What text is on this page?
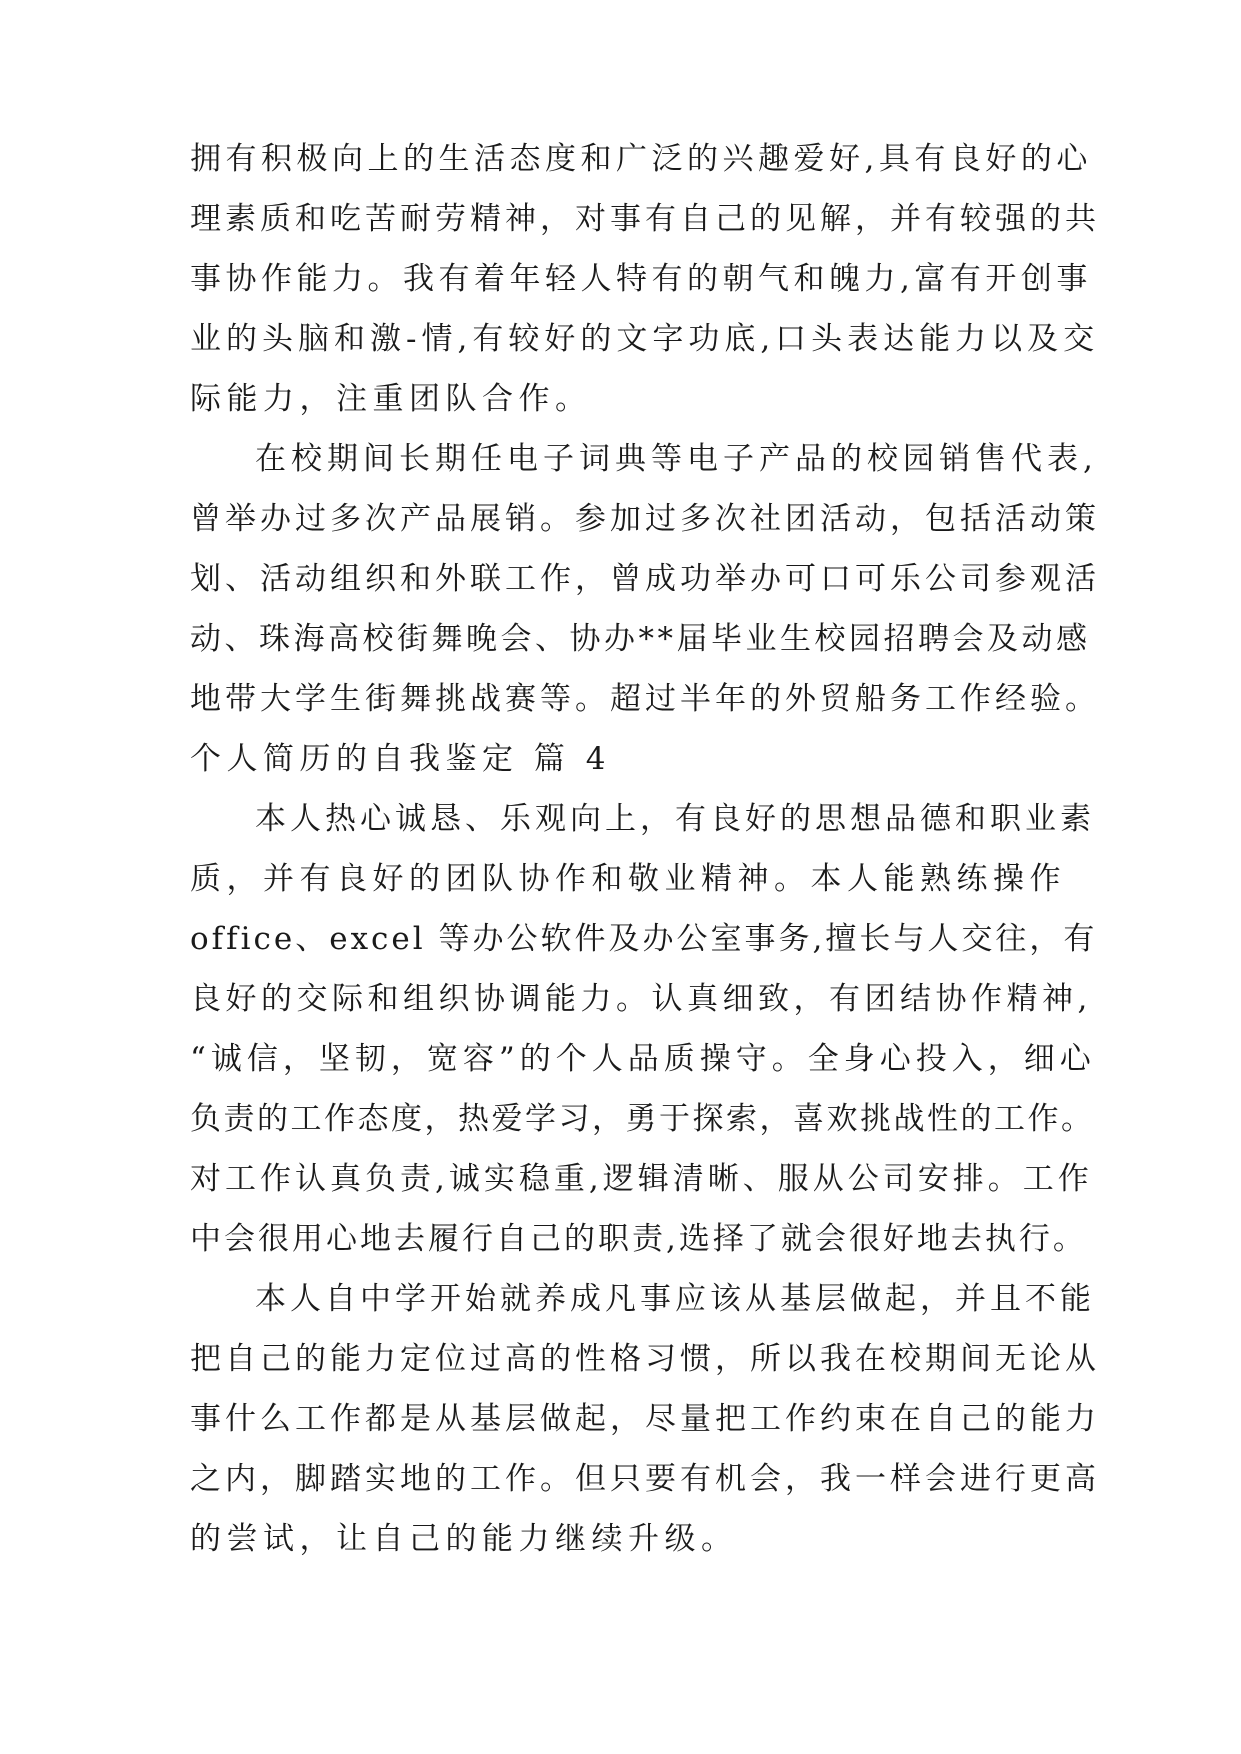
拥有积极向上的生活态度和广泛的兴趣爱好,具有良好的心
理素质和吃苦耐劳精神，对事有自己的见解，并有较强的共
事协作能力。我有着年轻人特有的朝气和魄力,富有开创事
业的头脑和激-情,有较好的文字功底,口头表达能力以及交
际能力，注重团队合作。
在校期间长期任电子词典等电子产品的校园销售代表,
曾举办过多次产品展销。参加过多次社团活动，包括活动策
划、活动组织和外联工作，曾成功举办可口可乐公司参观活
动、珠海高校街舞晚会、协办**届毕业生校园招聘会及动感
地带大学生街舞挑战赛等。超过半年的外贸船务工作经验。
个人简历的自我鉴定 篇 4
本人热心诚恳、乐观向上，有良好的思想品德和职业素
质，并有良好的团队协作和敬业精神。本人能熟练操作
office、excel 等办公软件及办公室事务,擅长与人交往，有
良好的交际和组织协调能力。认真细致，有团结协作精神,
“诚信，坚韧，宽容”的个人品质操守。全身心投入，细心
负责的工作态度，热爱学习，勇于探索，喜欢挑战性的工作。
对工作认真负责,诚实稳重,逻辑清晰、服从公司安排。工作
中会很用心地去履行自己的职责,选择了就会很好地去执行。
本人自中学开始就养成凡事应该从基层做起，并且不能
把自己的能力定位过高的性格习惯，所以我在校期间无论从
事什么工作都是从基层做起，尽量把工作约束在自己的能力
之内，脚踏实地的工作。但只要有机会，我一样会进行更高
的尝试，让自己的能力继续升级。
